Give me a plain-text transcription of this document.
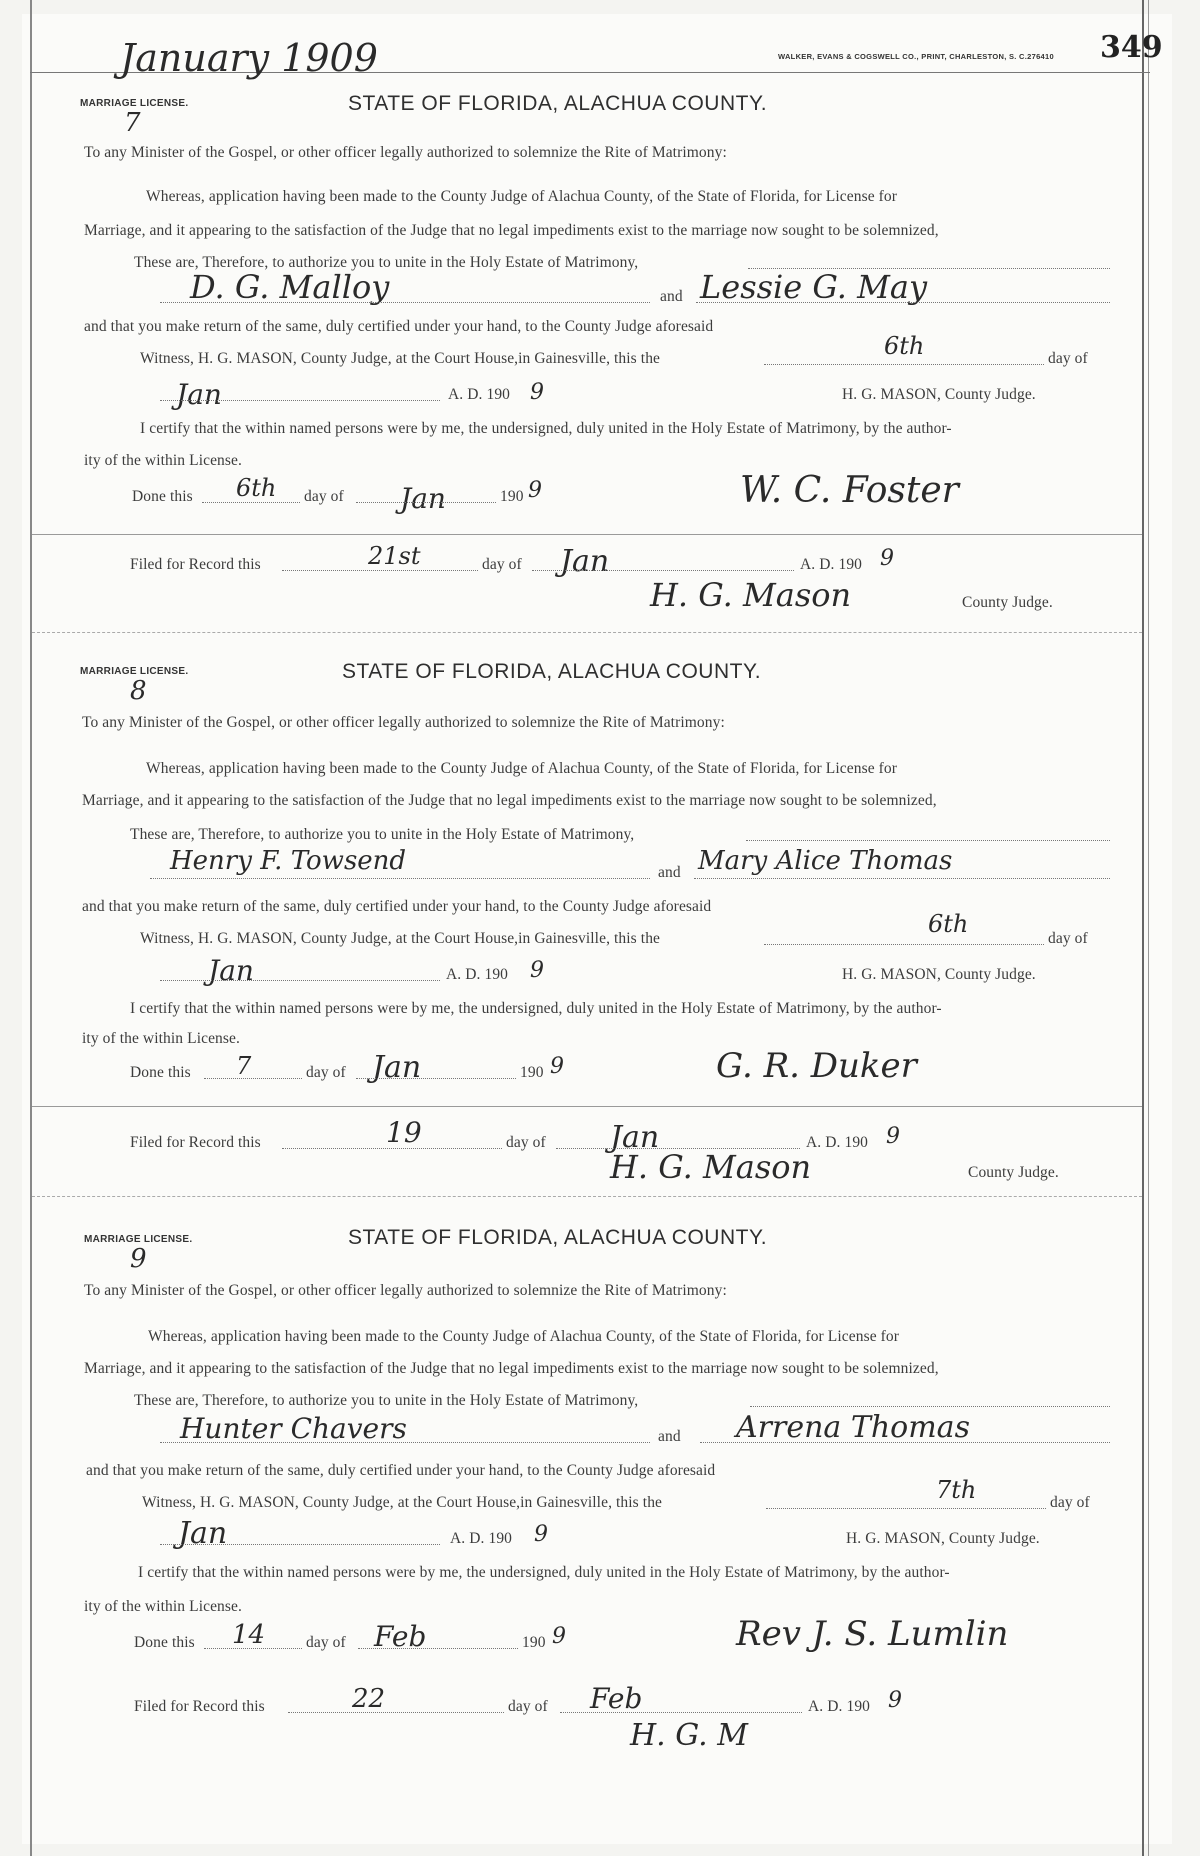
January 1909	WALKER, EVANS & COGSWELL CO., PRINT, CHARLESTON, S. C.276410 349
MARRIAGE LICENSE.
7
STATE OF FLORIDA, ALACHUA COUNTY.
To any Minister of the Gospel, or other officer legally authorized to solemnize the Rite of Matrimony:
Whereas, application having been made to the County Judge of Alachua County, of the State of Florida, for License for
Marriage, and it appearing to the satisfaction of the Judge that no legal impediments exist to the marriage now sought to be solemnized,
These are, Therefore, to authorize you to unite in the Holy Estate of Matrimony,
D. G. Malloy	and Lessie G. May
and that you make return of the same, duly certified under your hand, to the County Judge aforesaid
Witness, H. G. MASON, County Judge, at the Court House,in Gainesville, this the	6th	day of
Jan	A. D. 190 9	H. G. MASON, County Judge.
I certify that the within named persons were by me, the undersigned, duly united in the Holy Estate of Matrimony, by the author-
ity of the within License.
Done this 6th day of Jan	190 9	W. C. Foster
Filed for Record this	21st	day of Jan	A. D. 190 9
H. G. Mason	County Judge.
MARRIAGE LICENSE.
8
STATE OF FLORIDA, ALACHUA COUNTY.
To any Minister of the Gospel, or other officer legally authorized to solemnize the Rite of Matrimony:
Whereas, application having been made to the County Judge of Alachua County, of the State of Florida, for License for
Marriage, and it appearing to the satisfaction of the Judge that no legal impediments exist to the marriage now sought to be solemnized,
These are, Therefore, to authorize you to unite in the Holy Estate of Matrimony,
Henry F. Towsend	and Mary Alice Thomas
and that you make return of the same, duly certified under your hand, to the County Judge aforesaid
Witness, H. G. MASON, County Judge, at the Court House,in Gainesville, this the
6th
day of
Jan	A. D. 190 9	H. G. MASON, County Judge.
I certify that the within named persons were by me, the undersigned, duly united in the Holy Estate of Matrimony, by the author-
ity of the within License.
Done this 7	day of Jan	190 9	G. R. Duker
Filed for Record this	19	day of Jan	A. D. 190 9
H. G. Mason	County Judge.
MARRIAGE LICENSE.
9
STATE OF FLORIDA, ALACHUA COUNTY.
To any Minister of the Gospel, or other officer legally authorized to solemnize the Rite of Matrimony:
Whereas, application having been made to the County Judge of Alachua County, of the State of Florida, for License for
Marriage, and it appearing to the satisfaction of the Judge that no legal impediments exist to the marriage now sought to be solemnized,
These are, Therefore, to authorize you to unite in the Holy Estate of Matrimony,
Hunter Chavers	and Arrena Thomas
and that you make return of the same, duly certified under your hand, to the County Judge aforesaid
Witness, H. G. MASON, County Judge, at the Court House,in Gainesville, this the	7th	day of
Jan	A. D. 190 9	H. G. MASON, County Judge.
I certify that the within named persons were by me, the undersigned, duly united in the Holy Estate of Matrimony, by the author-
ity of the within License.
Done this 14	day of Feb	190 9	Rev J. S. Lumlin
Filed for Record this	22	day of Feb	A. D. 190 9
H. G. M
